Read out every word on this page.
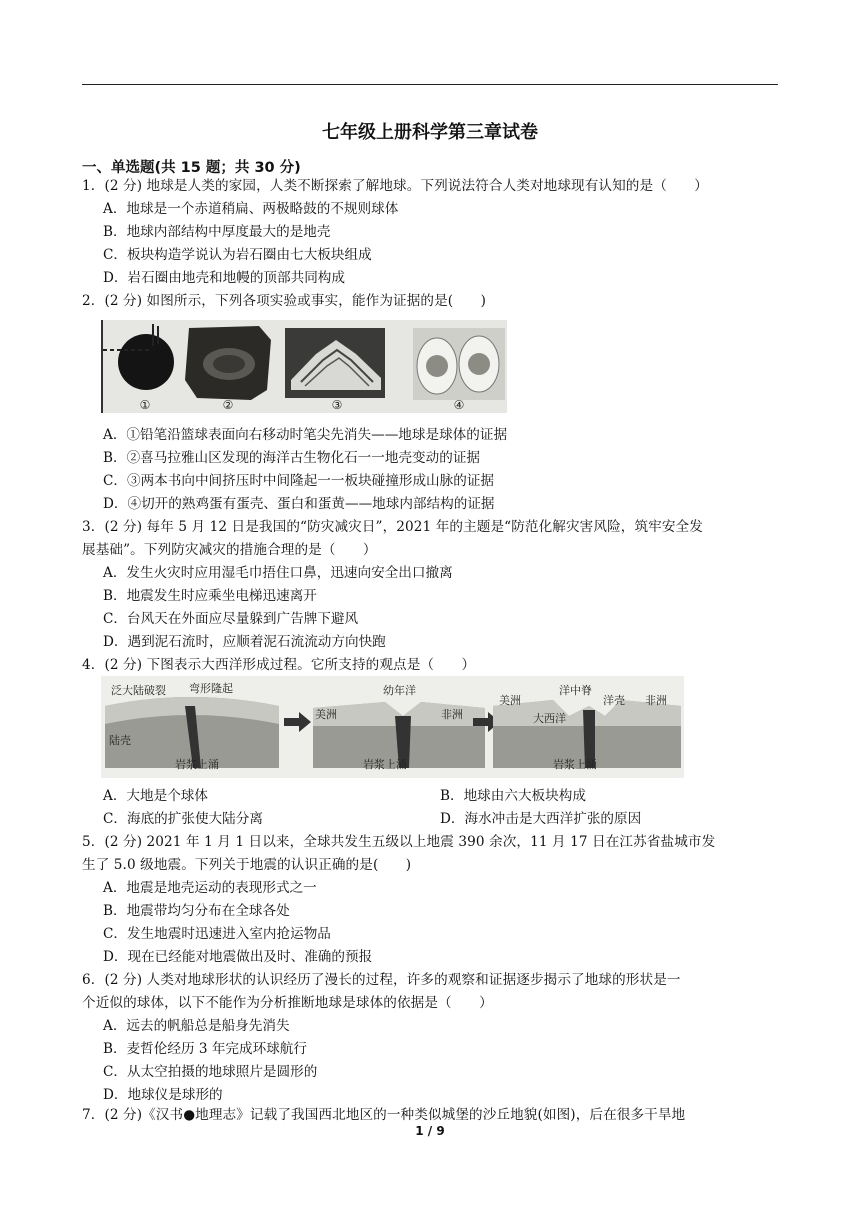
七年级上册科学第三章试卷
一、单选题(共 15 题；共 30 分)
1．(2 分) 地球是人类的家园，人类不断探索了解地球。下列说法符合人类对地球现有认知的是（　　）
A．地球是一个赤道稍扁、两极略鼓的不规则球体
B．地球内部结构中厚度最大的是地壳
C．板块构造学说认为岩石圈由七大板块组成
D．岩石圈由地壳和地幔的顶部共同构成
2．(2 分) 如图所示，下列各项实验或事实，能作为证据的是(　　)
①	②	③	④
A．①铅笔沿篮球表面向右移动时笔尖先消失——地球是球体的证据
B．②喜马拉雅山区发现的海洋古生物化石一一地壳变动的证据
C．③两本书向中间挤压时中间隆起一一板块碰撞形成山脉的证据
D．④切开的熟鸡蛋有蛋壳、蛋白和蛋黄——地球内部结构的证据
3．(2 分) 每年 5 月 12 日是我国的“防灾减灾日”，2021 年的主题是“防范化解灾害风险，筑牢安全发
展基础”。下列防灾减灾的措施合理的是（　　）
A．发生火灾时应用湿毛巾捂住口鼻，迅速向安全出口撤离
B．地震发生时应乘坐电梯迅速离开
C．台风天在外面应尽量躲到广告牌下避风
D．遇到泥石流时，应顺着泥石流流动方向快跑
4．(2 分) 下图表示大西洋形成过程。它所支持的观点是（　　）
泛大陆破裂 弯形隆起
陆壳
岩浆上涌
幼年洋
美洲	非洲
岩浆上涌
美洲
洋中脊
洋壳 非洲
大西洋
岩浆上涌
A．大地是个球体	B．地球由六大板块构成
C．海底的扩张使大陆分离	D．海水冲击是大西洋扩张的原因
5．(2 分) 2021 年 1 月 1 日以来，全球共发生五级以上地震 390 余次，11 月 17 日在江苏省盐城市发
生了 5.0 级地震。下列关于地震的认识正确的是(　　)
A．地震是地壳运动的表现形式之一
B．地震带均匀分布在全球各处
C．发生地震时迅速进入室内抢运物品
D．现在已经能对地震做出及时、准确的预报
6．(2 分) 人类对地球形状的认识经历了漫长的过程，许多的观察和证据逐步揭示了地球的形状是一
个近似的球体，以下不能作为分析推断地球是球体的依据是（　　）
A．远去的帆船总是船身先消失
B．麦哲伦经历 3 年完成环球航行
C．从太空拍摄的地球照片是圆形的
D．地球仪是球形的
7．(2 分)《汉书●地理志》记载了我国西北地区的一种类似城堡的沙丘地貌(如图)，后在很多干旱地
1 / 9
